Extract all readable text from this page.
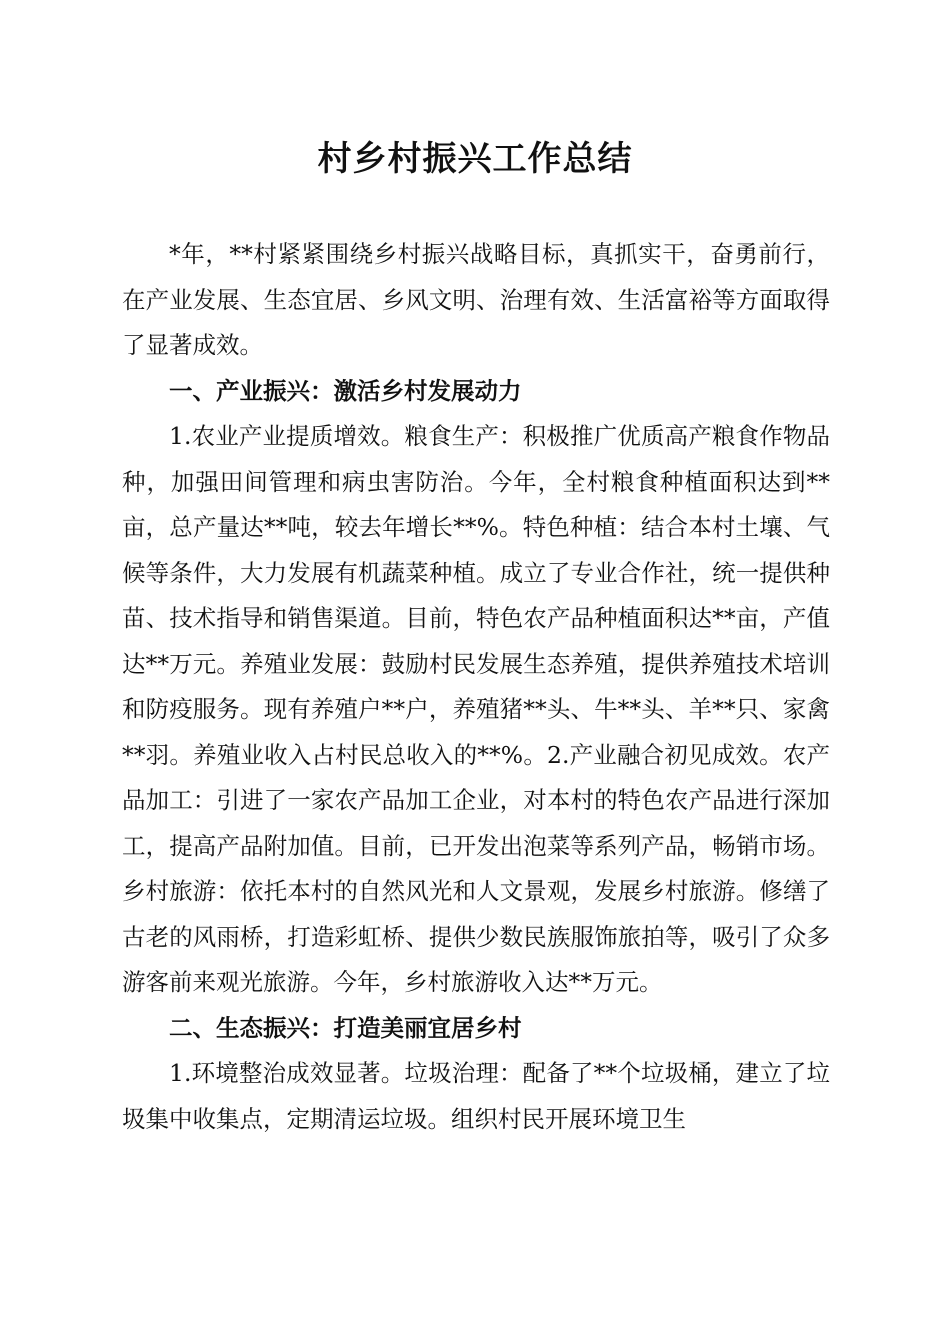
村乡村振兴工作总结

*年，**村紧紧围绕乡村振兴战略目标，真抓实干，奋勇前行，在产业发展、生态宜居、乡风文明、治理有效、生活富裕等方面取得了显著成效。

一、产业振兴：激活乡村发展动力

1.农业产业提质增效。粮食生产：积极推广优质高产粮食作物品种，加强田间管理和病虫害防治。今年，全村粮食种植面积达到**亩，总产量达**吨，较去年增长**%。特色种植：结合本村土壤、气候等条件，大力发展有机蔬菜种植。成立了专业合作社，统一提供种苗、技术指导和销售渠道。目前，特色农产品种植面积达**亩，产值达**万元。养殖业发展：鼓励村民发展生态养殖，提供养殖技术培训和防疫服务。现有养殖户**户，养殖猪**头、牛**头、羊**只、家禽**羽。养殖业收入占村民总收入的**%。2.产业融合初见成效。农产品加工：引进了一家农产品加工企业，对本村的特色农产品进行深加工，提高产品附加值。目前，已开发出泡菜等系列产品，畅销市场。乡村旅游：依托本村的自然风光和人文景观，发展乡村旅游。修缮了古老的风雨桥，打造彩虹桥、提供少数民族服饰旅拍等，吸引了众多游客前来观光旅游。今年，乡村旅游收入达**万元。

二、生态振兴：打造美丽宜居乡村

1.环境整治成效显著。垃圾治理：配备了**个垃圾桶，建立了垃圾集中收集点，定期清运垃圾。组织村民开展环境卫生
